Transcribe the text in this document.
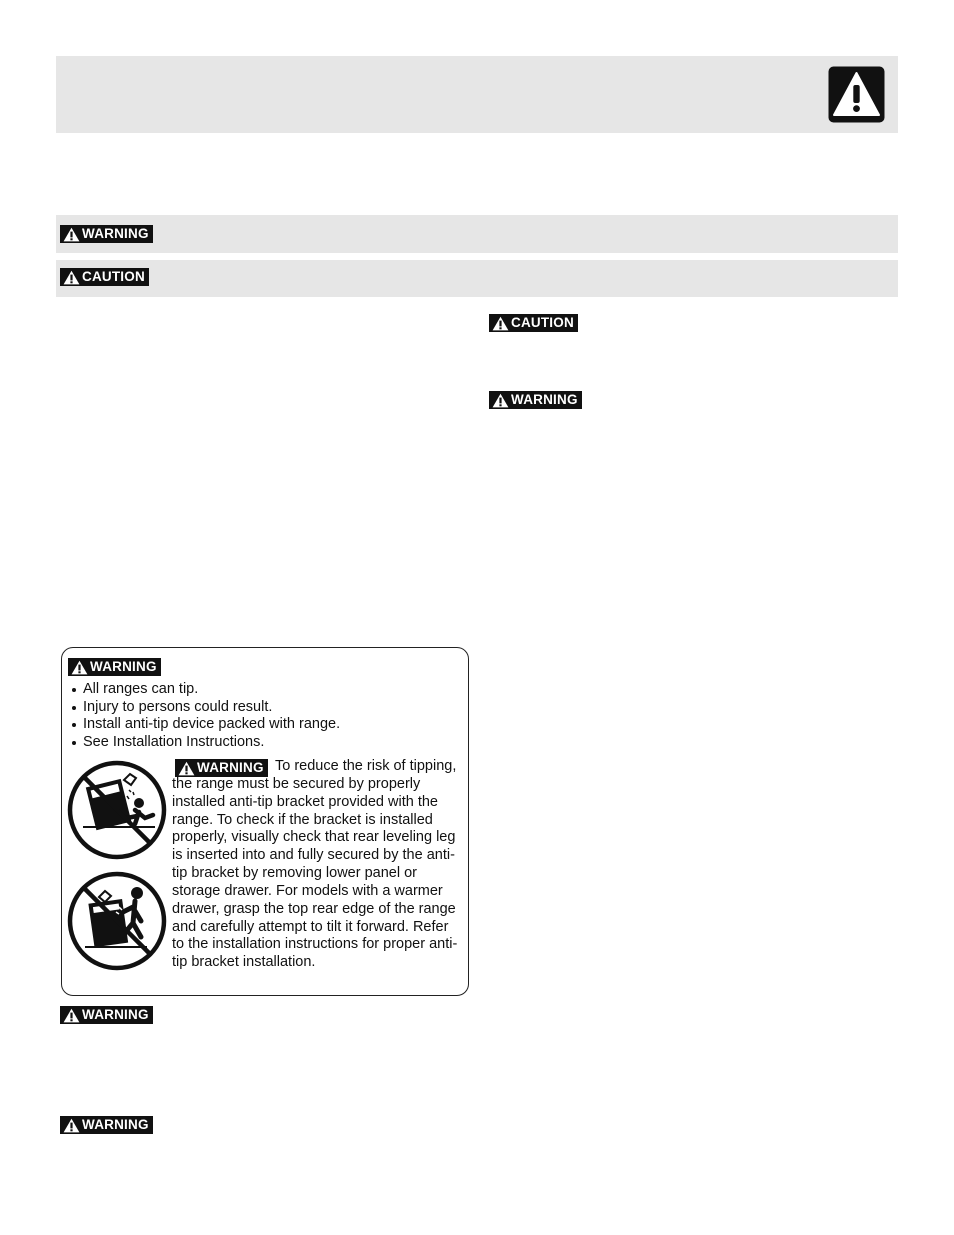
WARNING
CAUTION
CAUTION
WARNING
WARNING
WARNING
WARNING
All ranges can tip.
Injury to persons could result.
Install anti-tip device packed with range.
See Installation Instructions.
WARNING To reduce the risk of tipping, the range must be secured by properly installed anti-tip bracket provided with the range. To check if the bracket is installed properly, visually check that rear leveling leg is inserted into and fully secured by the anti-tip bracket by removing lower panel or storage drawer. For models with a warmer drawer, grasp the top rear edge of the range and carefully attempt to tilt it forward. Refer to the installation instructions for proper anti-tip bracket installation.
